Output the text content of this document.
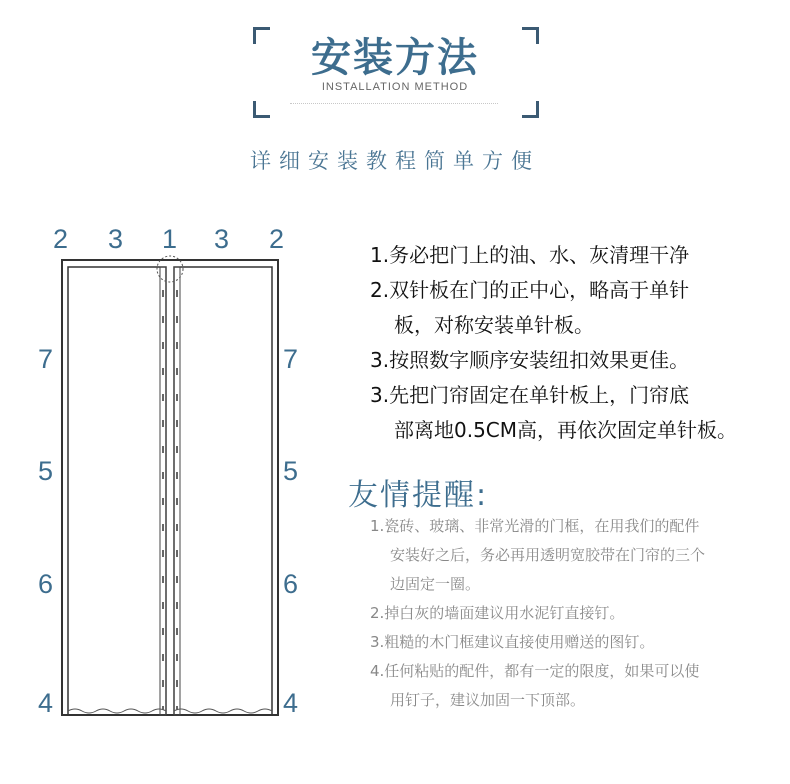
安装方法
INSTALLATION METHOD
详细安装教程简单方便
2 3 1 3 2
7
5
6
4
7
5
6
4
1.务必把门上的油、水、灰清理干净
2.双针板在门的正中心，略高于单针
板，对称安装单针板。
3.按照数字顺序安装纽扣效果更佳。
3.先把门帘固定在单针板上，门帘底
部离地0.5CM高，再依次固定单针板。
友情提醒:
1.瓷砖、玻璃、非常光滑的门框，在用我们的配件
安装好之后，务必再用透明宽胶带在门帘的三个
边固定一圈。
2.掉白灰的墙面建议用水泥钉直接钉。
3.粗糙的木门框建议直接使用赠送的图钉。
4.任何粘贴的配件，都有一定的限度，如果可以使
用钉子，建议加固一下顶部。
